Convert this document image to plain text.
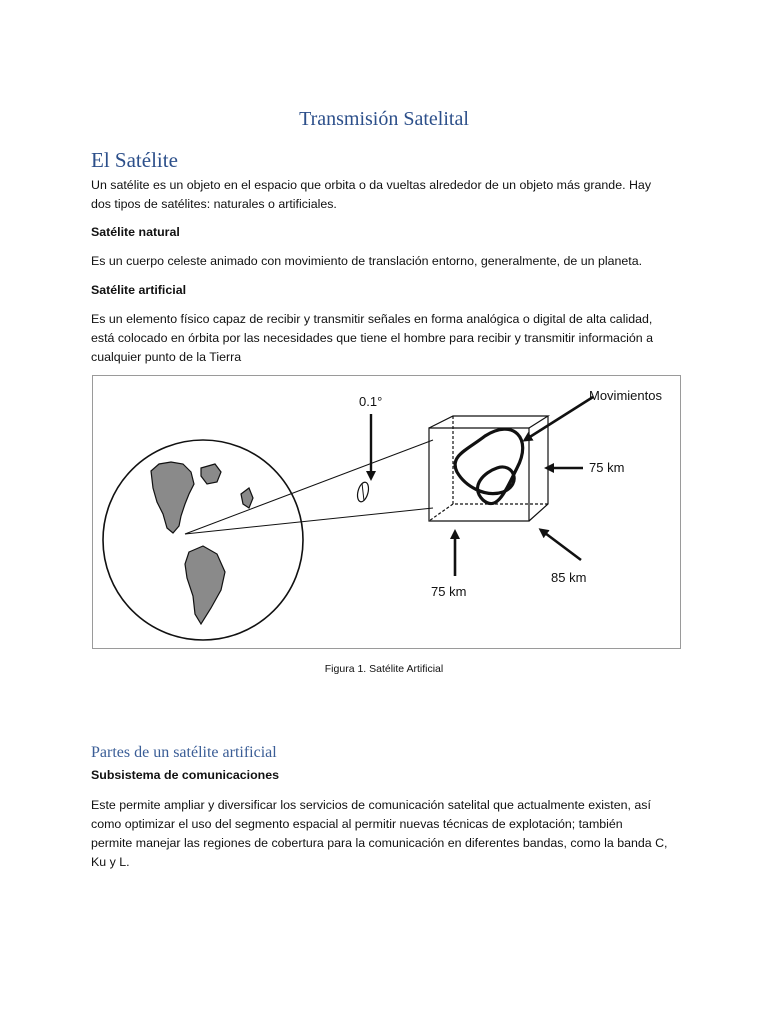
Transmisión Satelital
El Satélite
Un satélite es un objeto en el espacio que orbita o da vueltas alrededor de un objeto más grande. Hay
dos tipos de satélites: naturales o artificiales.
Satélite natural
Es un cuerpo celeste animado con movimiento de translación entorno, generalmente, de un planeta.
Satélite artificial
Es un elemento físico capaz de recibir y transmitir señales en forma analógica o digital de alta calidad,
está colocado en órbita por las necesidades que tiene el hombre para recibir y transmitir información a
cualquier punto de la Tierra
0.1°	Movimientos
75 km
75 km
85 km
Figura 1. Satélite Artificial
Partes de un satélite artificial
Subsistema de comunicaciones
Este permite ampliar y diversificar los servicios de comunicación satelital que actualmente existen, así
como optimizar el uso del segmento espacial al permitir nuevas técnicas de explotación; también
permite manejar las regiones de cobertura para la comunicación en diferentes bandas, como la banda C,
Ku y L.
